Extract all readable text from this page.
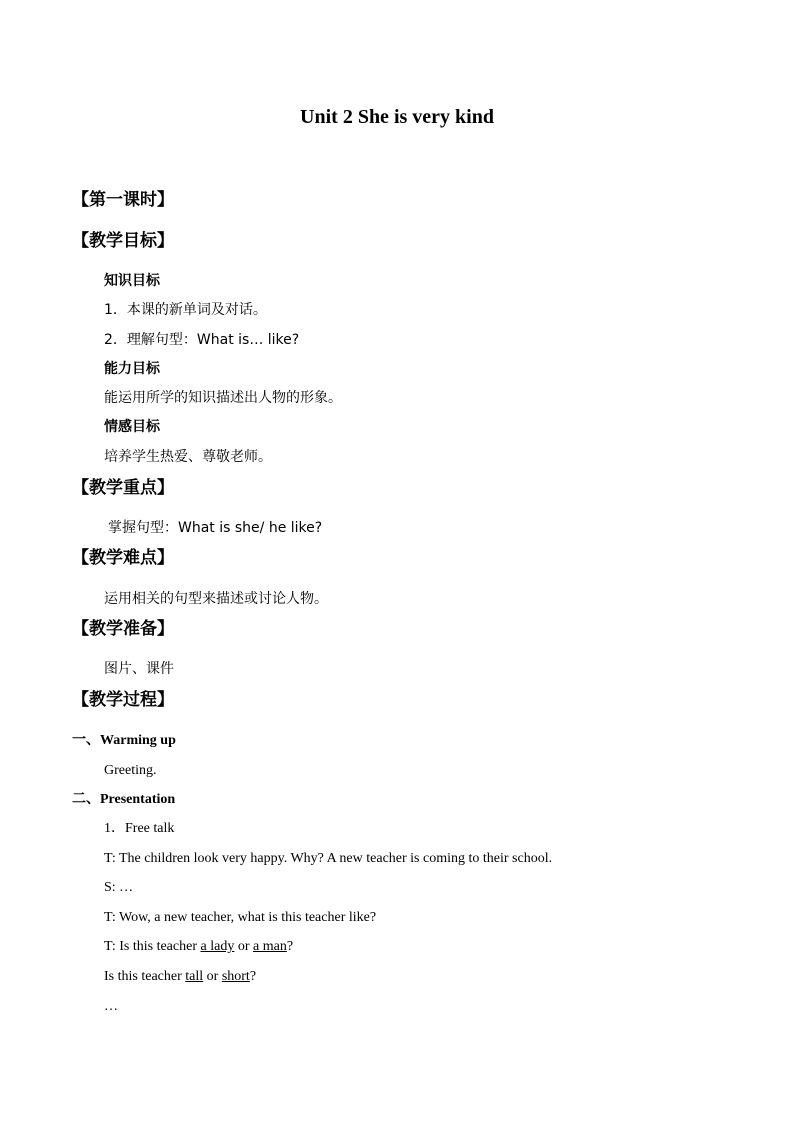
Unit 2 She is very kind
【第一课时】
【教学目标】
知识目标
1．本课的新单词及对话。
2．理解句型：What is… like?
能力目标
能运用所学的知识描述出人物的形象。
情感目标
培养学生热爱、尊敬老师。
【教学重点】
掌握句型：What is she/ he like?
【教学难点】
运用相关的句型来描述或讨论人物。
【教学准备】
图片、课件
【教学过程】
一、Warming up
Greeting.
二、Presentation
1．Free talk
T: The children look very happy. Why? A new teacher is coming to their school.
S: …
T: Wow, a new teacher, what is this teacher like?
T: Is this teacher a lady or a man?
Is this teacher tall or short?
…
